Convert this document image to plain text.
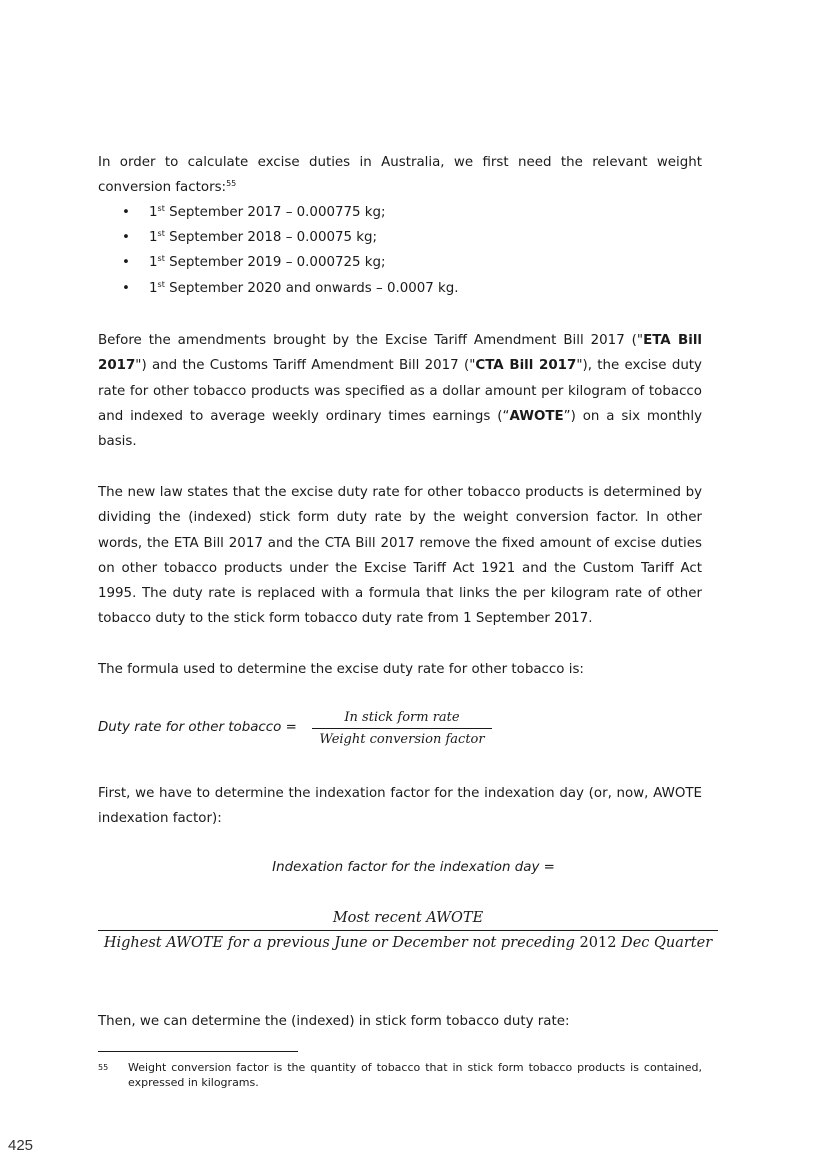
In order to calculate excise duties in Australia, we first need the relevant weight conversion factors:$^{55}$
• 1st September 2017 – 0.000775 kg;
• 1st September 2018 – 0.00075 kg;
• 1st September 2019 – 0.000725 kg;
• 1st September 2020 and onwards – 0.0007 kg.
Before the amendments brought by the Excise Tariff Amendment Bill 2017 ("ETA Bill 2017") and the Customs Tariff Amendment Bill 2017 ("CTA Bill 2017"), the excise duty rate for other tobacco products was specified as a dollar amount per kilogram of tobacco and indexed to average weekly ordinary times earnings (“AWOTE”) on a six monthly basis.
The new law states that the excise duty rate for other tobacco products is determined by dividing the (indexed) stick form duty rate by the weight conversion factor. In other words, the ETA Bill 2017 and the CTA Bill 2017 remove the fixed amount of excise duties on other tobacco products under the Excise Tariff Act 1921 and the Custom Tariff Act 1995. The duty rate is replaced with a formula that links the per kilogram rate of other tobacco duty to the stick form tobacco duty rate from 1 September 2017.
The formula used to determine the excise duty rate for other tobacco is:
Duty rate for other tobacco =
In stick form rate
Weight conversion factor
First, we have to determine the indexation factor for the indexation day (or, now, AWOTE indexation factor):
Indexation factor for the indexation day =
Most recent AWOTE
Highest AWOTE for a previous June or December not preceding 2012 Dec Quarter
Then, we can determine the (indexed) in stick form tobacco duty rate:
55 Weight conversion factor is the quantity of tobacco that in stick form tobacco products is contained, expressed in kilograms.
425
